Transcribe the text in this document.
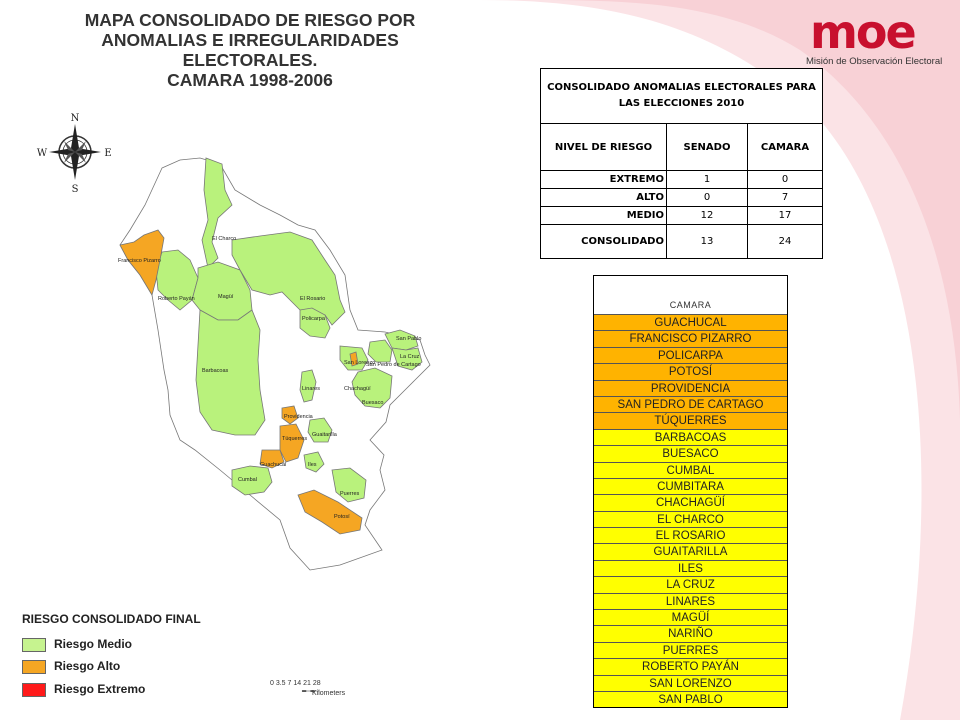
MAPA CONSOLIDADO DE RIESGO POR
ANOMALIAS E IRREGULARIDADES ELECTORALES.
CAMARA 1998-2006
moe
Misión de Observación Electoral
N
S
W	E
Francisco Pizarro
El Charco
Roberto Payán	Magüí	El Rosario
Policarpa
San Pablo
La Cruz
San Lorenzo
San Pedro de Cartago
Barbacoas
Linares	Chachagüí
Buesaco
Providencia
Túquerres
Guaitarilla
Guachucal	Iles
Cumbal
Puerres
Potosí
CONSOLIDADO ANOMALIAS ELECTORALES PARA LAS ELECCIONES 2010		
NIVEL DE RIESGO	SENADO	CAMARA
EXTREMO	1	0
ALTO	0	7
MEDIO	12	17
CONSOLIDADO	13	24
CAMARA
GUACHUCAL
FRANCISCO PIZARRO
POLICARPA
POTOSÍ
PROVIDENCIA
SAN PEDRO DE CARTAGO
TÚQUERRES
BARBACOAS
BUESACO
CUMBAL
CUMBITARA
CHACHAGÜÍ
EL CHARCO
EL ROSARIO
GUAITARILLA
ILES
LA CRUZ
LINARES
MAGÜÍ
NARIÑO
PUERRES
ROBERTO PAYÁN
SAN LORENZO
SAN PABLO
RIESGO CONSOLIDADO FINAL
Riesgo Medio
Riesgo Alto
Riesgo Extremo	0 3.5 7 14 21 28
Kilometers
